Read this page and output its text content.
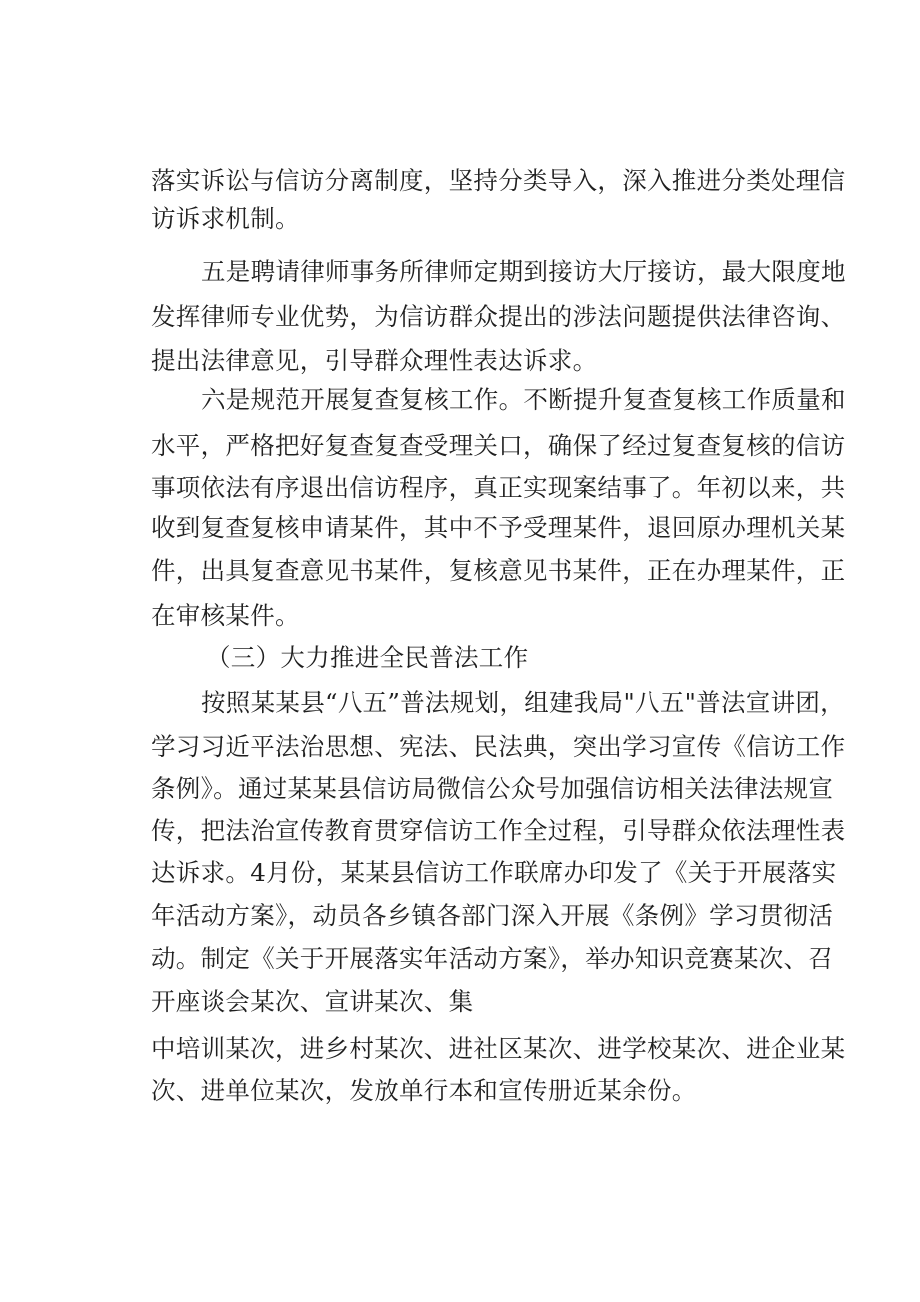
落实诉讼与信访分离制度，坚持分类导入，深入推进分类处理信

访诉求机制。

五是聘请律师事务所律师定期到接访大厅接访，最大限度地

发挥律师专业优势，为信访群众提出的涉法问题提供法律咨询、

提出法律意见，引导群众理性表达诉求。

六是规范开展复查复核工作。不断提升复查复核工作质量和

水平，严格把好复查复查受理关口，确保了经过复查复核的信访

事项依法有序退出信访程序，真正实现案结事了。年初以来，共

收到复查复核申请某件，其中不予受理某件，退回原办理机关某

件，出具复查意见书某件，复核意见书某件，正在办理某件，正

在审核某件。

（三）大力推进全民普法工作

按照某某县“八五”普法规划，组建我局"八五"普法宣讲团，

学习习近平法治思想、宪法、民法典，突出学习宣传《信访工作

条例》。通过某某县信访局微信公众号加强信访相关法律法规宣

传，把法治宣传教育贯穿信访工作全过程，引导群众依法理性表

达诉求。4月份，某某县信访工作联席办印发了《关于开展落实

年活动方案》，动员各乡镇各部门深入开展《条例》学习贯彻活

动。制定《关于开展落实年活动方案》，举办知识竞赛某次、召

开座谈会某次、宣讲某次、集

中培训某次，进乡村某次、进社区某次、进学校某次、进企业某

次、进单位某次，发放单行本和宣传册近某余份。
